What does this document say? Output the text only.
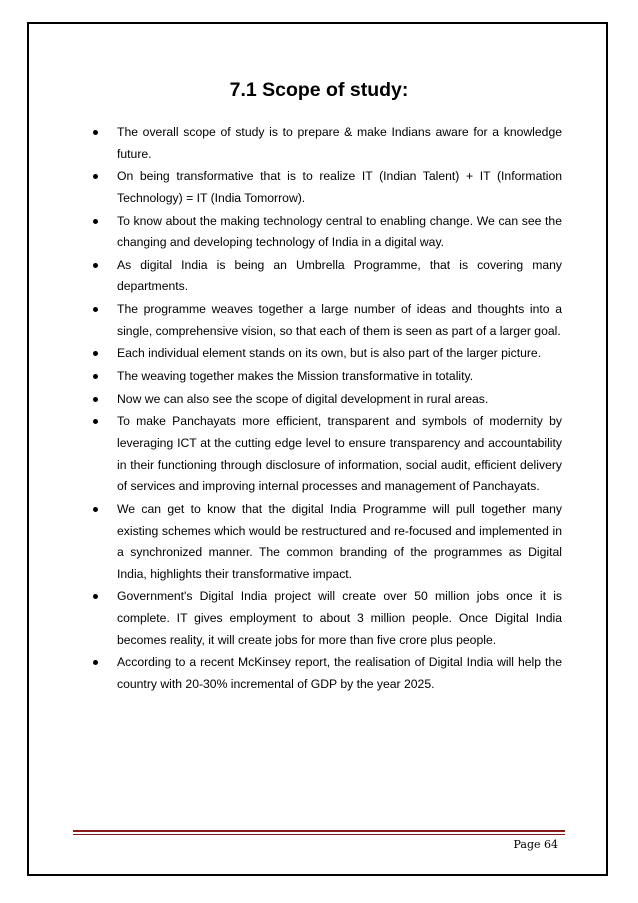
7.1 Scope of study:
The overall scope of study is to prepare & make Indians aware for a knowledge future.
On being transformative that is to realize IT (Indian Talent) + IT (Information Technology) = IT (India Tomorrow).
To know about the making technology central to enabling change. We can see the changing and developing technology of India in a digital way.
As digital India is being an Umbrella Programme, that is covering many departments.
The programme weaves together a large number of ideas and thoughts into a single, comprehensive vision, so that each of them is seen as part of a larger goal.
Each individual element stands on its own, but is also part of the larger picture.
The weaving together makes the Mission transformative in totality.
Now we can also see the scope of digital development in rural areas.
To make Panchayats more efficient, transparent and symbols of modernity by leveraging ICT at the cutting edge level to ensure transparency and accountability in their functioning through disclosure of information, social audit, efficient delivery of services and improving internal processes and management of Panchayats.
We can get to know that the digital India Programme will pull together many existing schemes which would be restructured and re-focused and implemented in a synchronized manner. The common branding of the programmes as Digital India, highlights their transformative impact.
Government's Digital India project will create over 50 million jobs once it is complete. IT gives employment to about 3 million people. Once Digital India becomes reality, it will create jobs for more than five crore plus people.
According to a recent McKinsey report, the realisation of Digital India will help the country with 20-30% incremental of GDP by the year 2025.
Page 64
